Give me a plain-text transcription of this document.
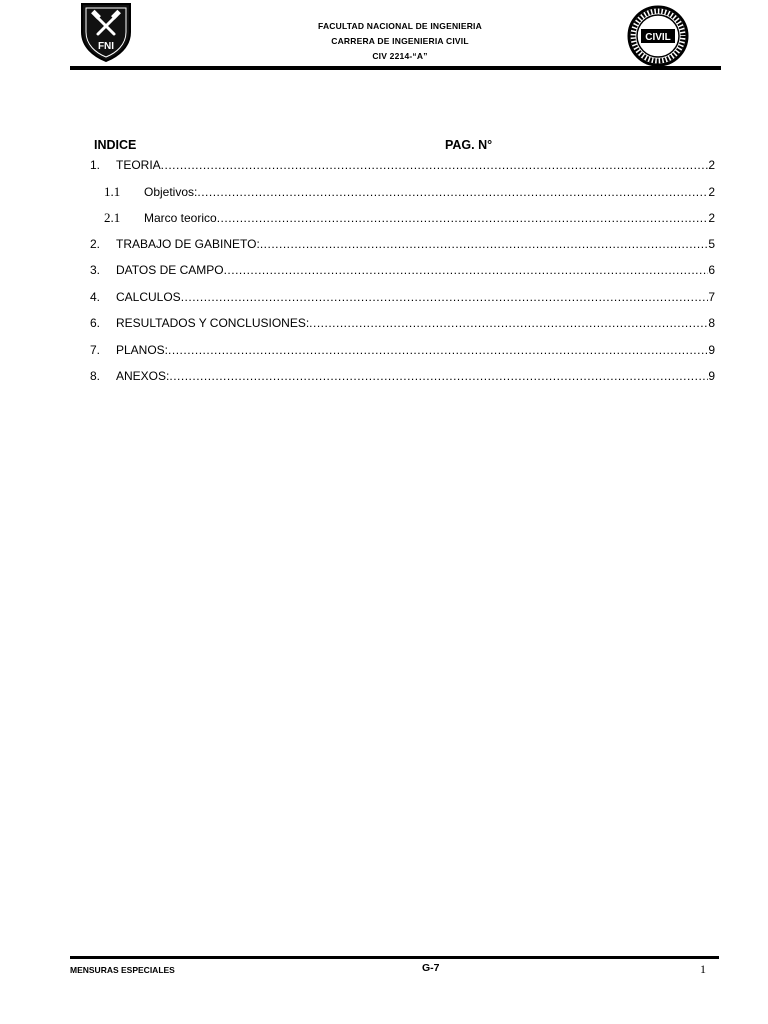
FNI
FACULTAD NACIONAL DE INGENIERIA
CARRERA DE INGENIERIA CIVIL
CIV 2214-“A”
CIVIL
INDICE	PAG. N°
1.	TEORIA .....	2
1.1	Objetivos: .....	2
2.1	Marco teorico .....	2
2.	TRABAJO DE GABINETO: .....	5
3.	DATOS DE CAMPO .....	6
4.	CALCULOS .....	7
6.	RESULTADOS Y CONCLUSIONES: .....	8
7.	PLANOS: .....	9
8.	ANEXOS: .....	9
MENSURAS ESPECIALES	G-7	1
